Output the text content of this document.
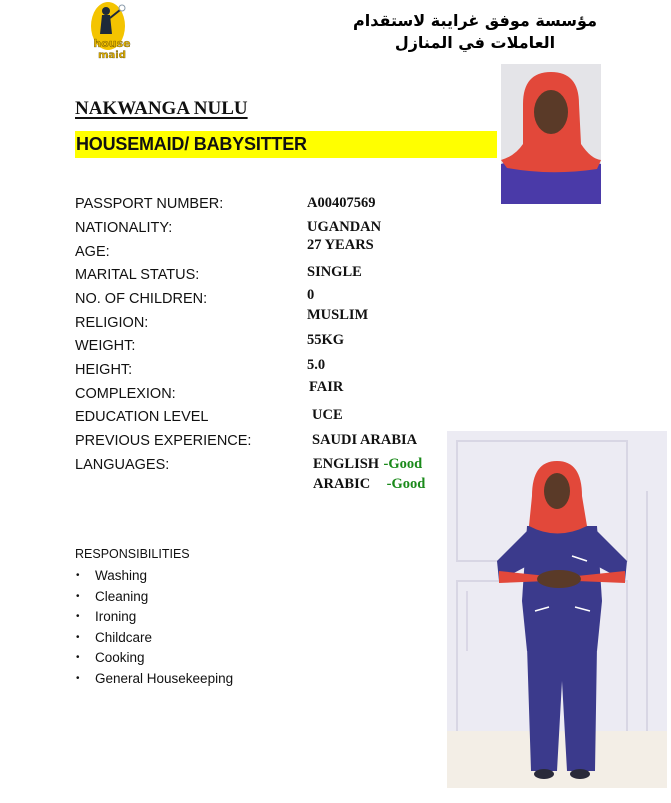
house
maid
مؤسسة موفق غرايبة لاستقدام العاملات في المنازل
NAKWANGA NULU
HOUSEMAID/ BABYSITTER
PASSPORT NUMBER:	A00407569
NATIONALITY:	UGANDAN
AGE:	27 YEARS
MARITAL STATUS:	SINGLE
NO. OF CHILDREN:	0
RELIGION:	MUSLIM
WEIGHT:	55KG
HEIGHT:	5.0
COMPLEXION:	FAIR
EDUCATION LEVEL	UCE
PREVIOUS EXPERIENCE:	SAUDI ARABIA
LANGUAGES:	ENGLISH -Good
ARABIC -Good
RESPONSIBILITIES
• Washing
• Cleaning
• Ironing
• Childcare
• Cooking
• General Housekeeping
